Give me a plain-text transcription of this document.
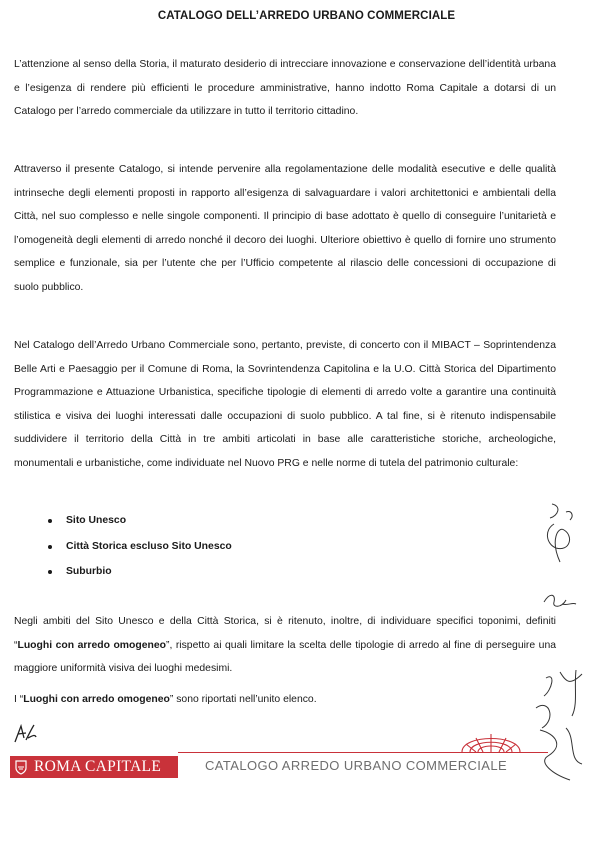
CATALOGO DELL’ARREDO URBANO COMMERCIALE
L’attenzione al senso della Storia, il maturato desiderio di intrecciare innovazione e conservazione dell’identità urbana e l’esigenza di rendere più efficienti le procedure amministrative, hanno indotto Roma Capitale a dotarsi di un Catalogo per l’arredo commerciale da utilizzare in tutto il territorio cittadino.
Attraverso il presente Catalogo, si intende pervenire alla regolamentazione delle modalità esecutive e delle qualità intrinseche degli elementi proposti in rapporto all’esigenza di salvaguardare i valori architettonici e ambientali della Città, nel suo complesso e nelle singole componenti. Il principio di base adottato è quello di conseguire l’unitarietà e l’omogeneità degli elementi di arredo nonché il decoro dei luoghi. Ulteriore obiettivo è quello di fornire uno strumento semplice e funzionale, sia per l’utente che per l’Ufficio competente al rilascio delle concessioni di occupazione di suolo pubblico.
Nel Catalogo dell’Arredo Urbano Commerciale sono, pertanto, previste, di concerto con il MIBACT – Soprintendenza Belle Arti e Paesaggio per il Comune di Roma, la Sovrintendenza Capitolina e la U.O. Città Storica del Dipartimento Programmazione e Attuazione Urbanistica, specifiche tipologie di elementi di arredo volte a garantire una continuità stilistica e visiva dei luoghi interessati dalle occupazioni di suolo pubblico. A tal fine, si è ritenuto indispensabile suddividere il territorio della Città in tre ambiti articolati in base alle caratteristiche storiche, archeologiche, monumentali e urbanistiche, come individuate nel Nuovo PRG e nelle norme di tutela del patrimonio culturale:
Sito Unesco
Città Storica escluso Sito Unesco
Suburbio
Negli ambiti del Sito Unesco e della Città Storica, si è ritenuto, inoltre, di individuare specifici toponimi, definiti “Luoghi con arredo omogeneo”, rispetto ai quali limitare la scelta delle tipologie di arredo al fine di perseguire una maggiore uniformità visiva dei luoghi medesimi.
I “Luoghi con arredo omogeneo” sono riportati nell’unito elenco.
CATALOGO ARREDO URBANO COMMERCIALE
ROMA CAPITALE
